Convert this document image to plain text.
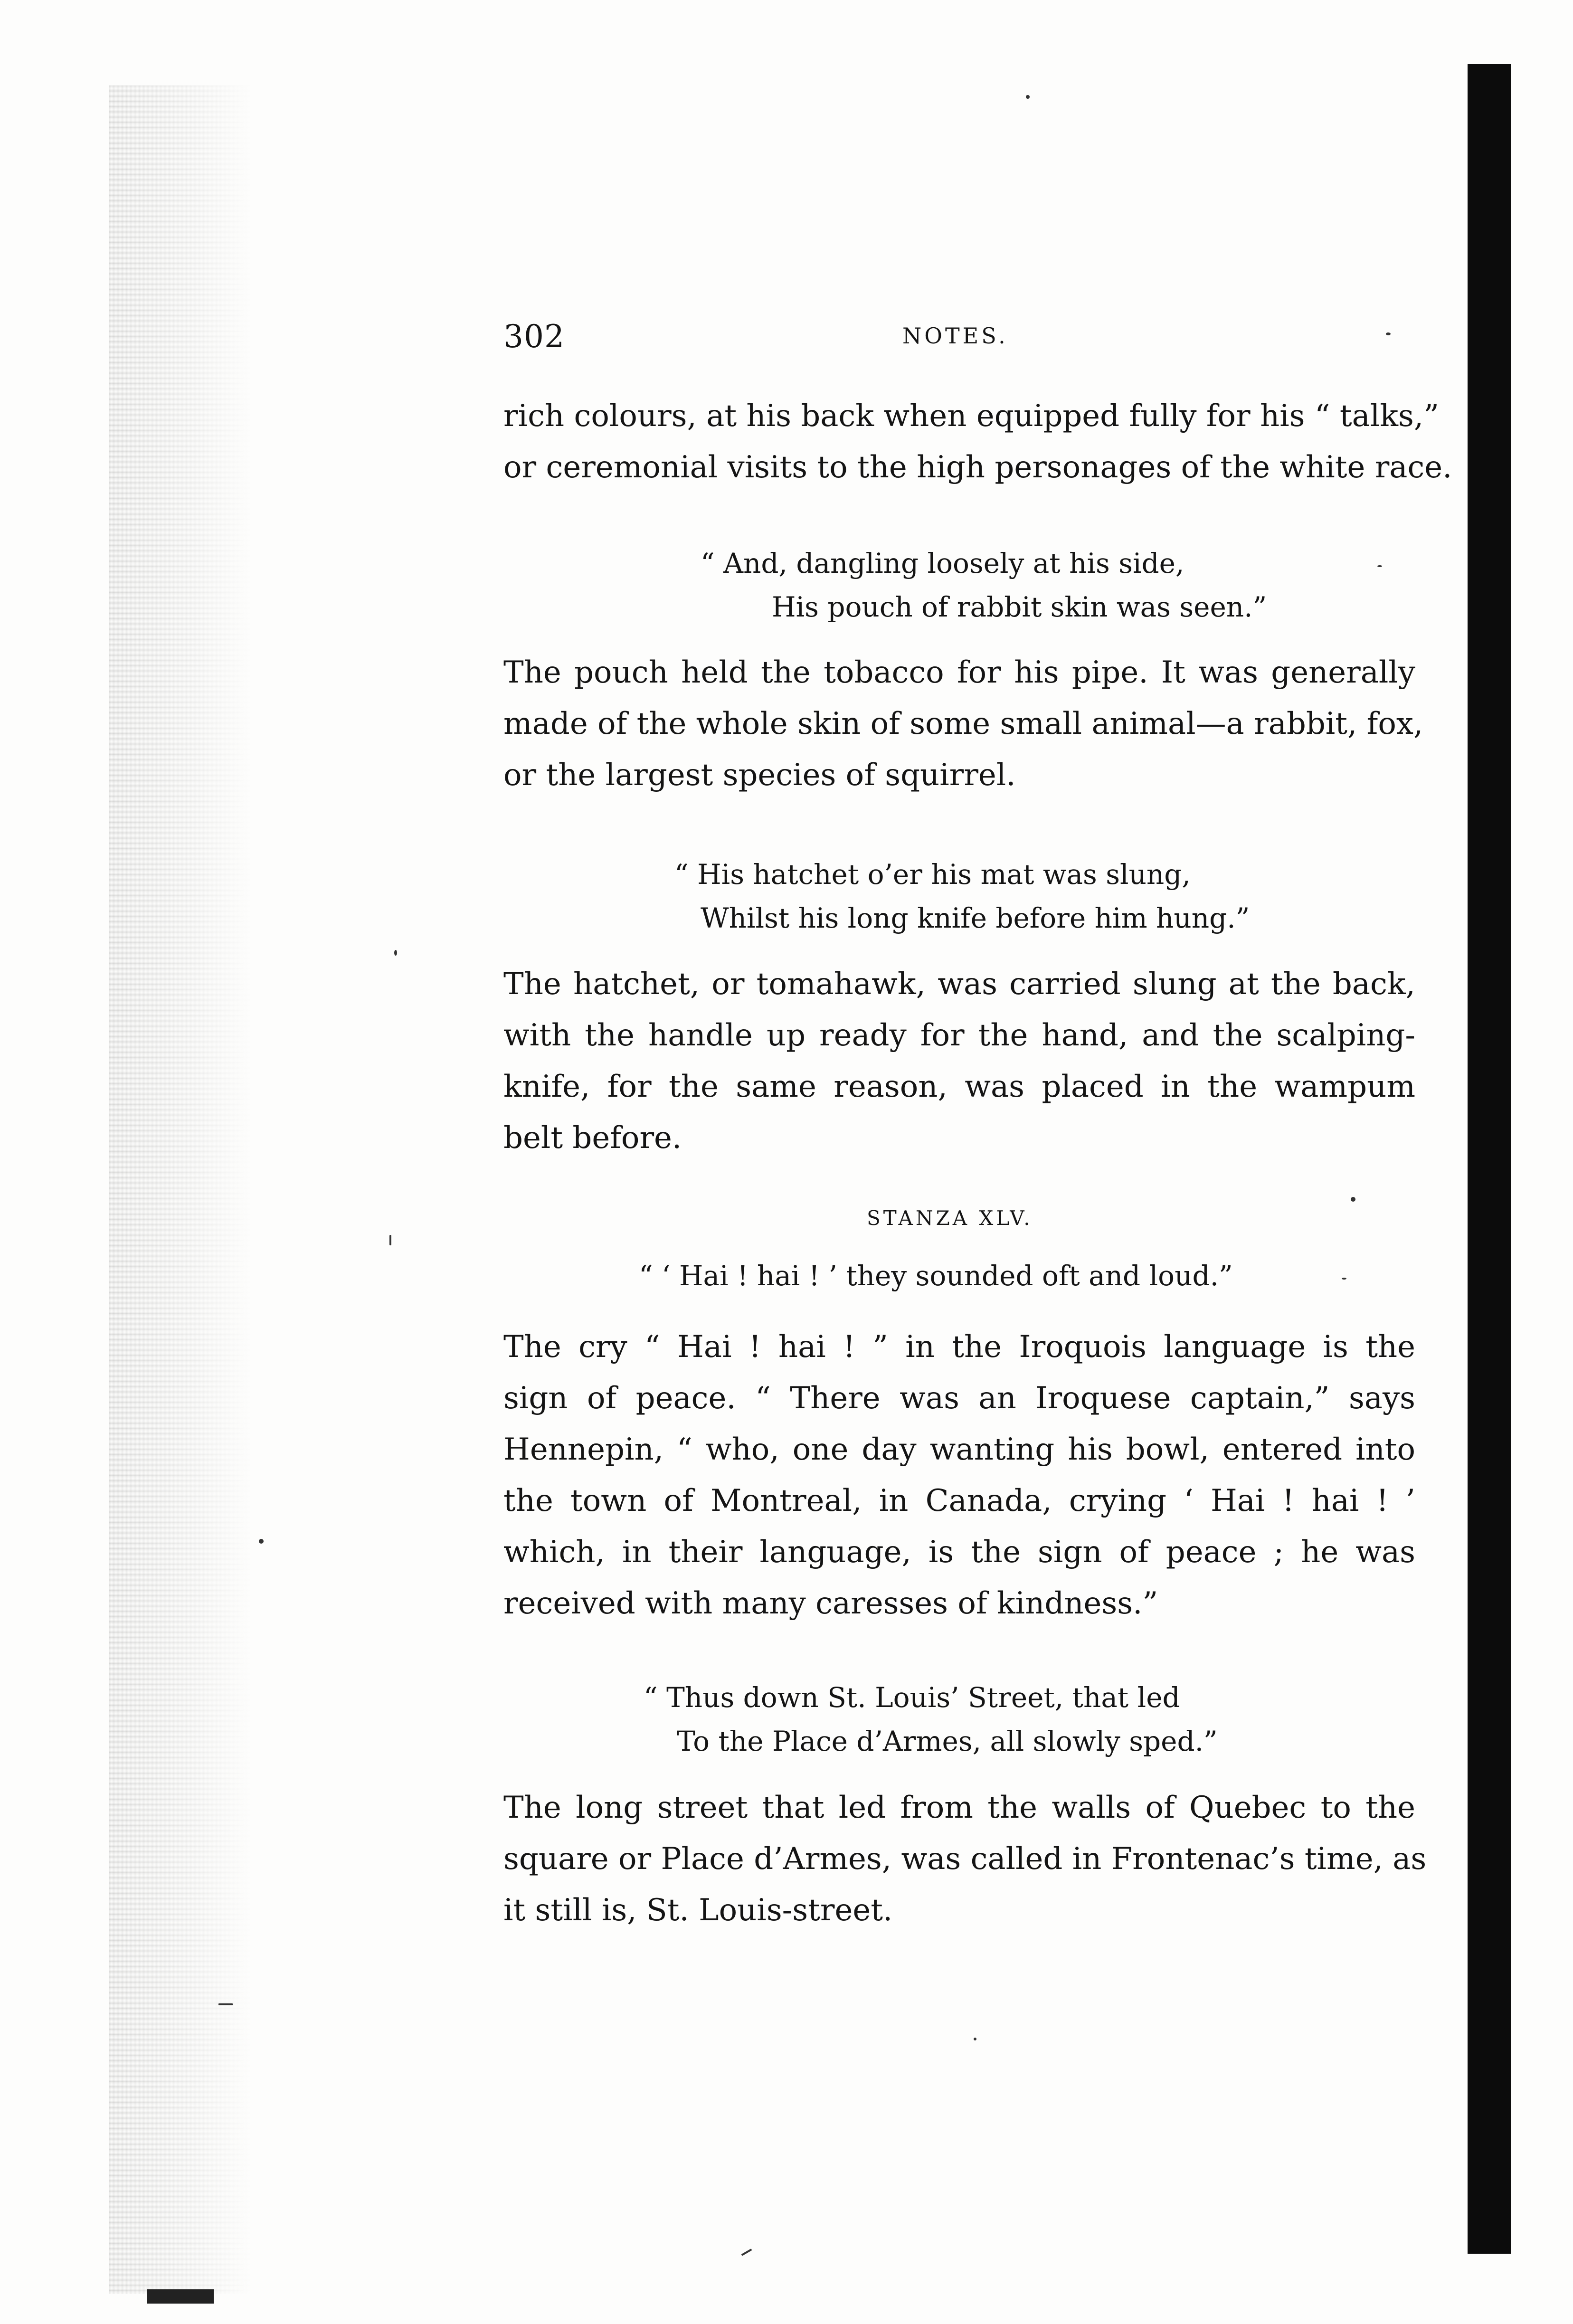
302	NOTES.
rich colours, at his back when equipped fully for his “ talks,”
or ceremonial visits to the high personages of the white race.
“ And, dangling loosely at his side,
His pouch of rabbit skin was seen.”
The pouch held the tobacco for his pipe. It was generally
made of the whole skin of some small animal—a rabbit, fox,
or the largest species of squirrel.
“ His hatchet o’er his mat was slung,
Whilst his long knife before him hung.”
The hatchet, or tomahawk, was carried slung at the back,
with the handle up ready for the hand, and the scalping-
knife, for the same reason, was placed in the wampum
belt before.
STANZA XLV.
“ ‘ Hai ! hai ! ’ they sounded oft and loud.”
The cry “ Hai ! hai ! ” in the Iroquois language is the
sign of peace. “ There was an Iroquese captain,” says
Hennepin, “ who, one day wanting his bowl, entered into
the town of Montreal, in Canada, crying ‘ Hai ! hai ! ’
which, in their language, is the sign of peace ; he was
received with many caresses of kindness.”
“ Thus down St. Louis’ Street, that led
To the Place d’Armes, all slowly sped.”
The long street that led from the walls of Quebec to the
square or Place d’Armes, was called in Frontenac’s time, as
it still is, St. Louis-street.
